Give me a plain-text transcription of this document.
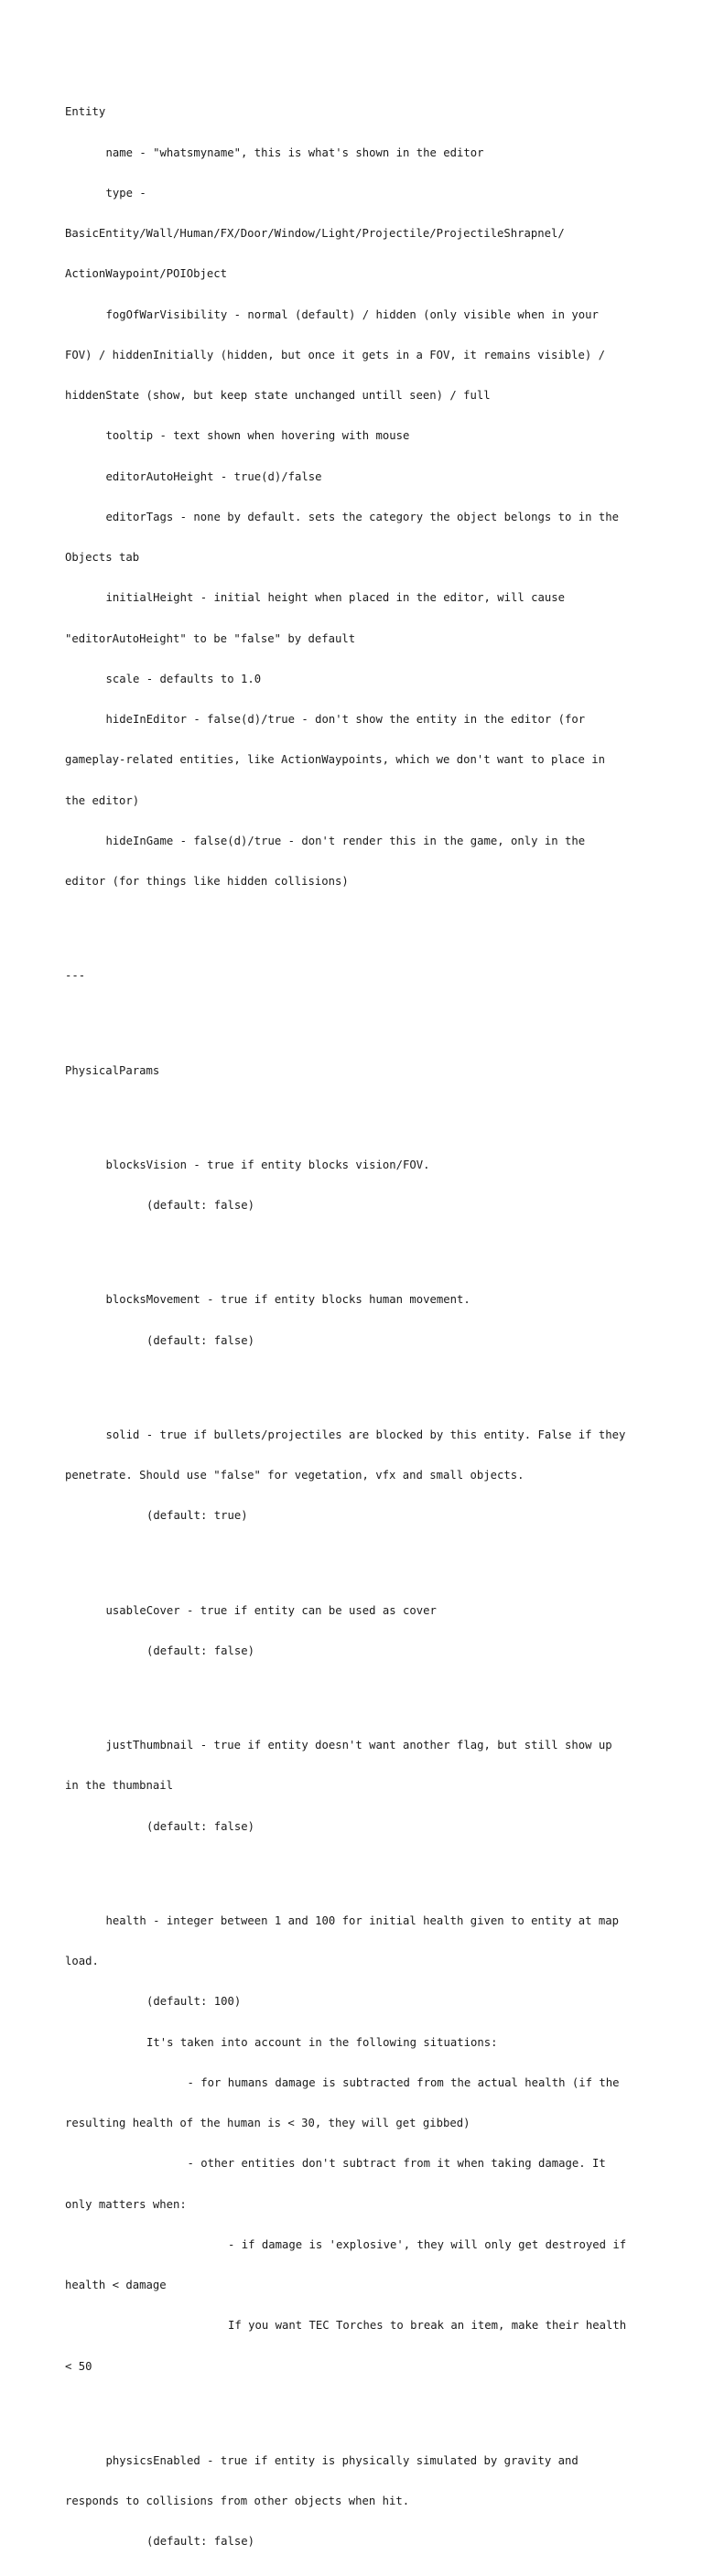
Entity

name - "whatsmyname", this is what's shown in the editor

type -

BasicEntity/Wall/Human/FX/Door/Window/Light/Projectile/ProjectileShrapnel/

ActionWaypoint/POIObject

fogOfWarVisibility - normal (default) / hidden (only visible when in your

FOV) / hiddenInitially (hidden, but once it gets in a FOV, it remains visible) /

hiddenState (show, but keep state unchanged untill seen) / full

tooltip - text shown when hovering with mouse

editorAutoHeight - true(d)/false

editorTags - none by default. sets the category the object belongs to in the

Objects tab

initialHeight - initial height when placed in the editor, will cause

"editorAutoHeight" to be "false" by default

scale - defaults to 1.0

hideInEditor - false(d)/true - don't show the entity in the editor (for

gameplay-related entities, like ActionWaypoints, which we don't want to place in

the editor)

hideInGame - false(d)/true - don't render this in the game, only in the

editor (for things like hidden collisions)

---

PhysicalParams

blocksVision - true if entity blocks vision/FOV.

(default: false)

blocksMovement - true if entity blocks human movement.

(default: false)

solid - true if bullets/projectiles are blocked by this entity. False if they

penetrate. Should use "false" for vegetation, vfx and small objects.

(default: true)

usableCover - true if entity can be used as cover

(default: false)

justThumbnail - true if entity doesn't want another flag, but still show up

in the thumbnail

(default: false)

health - integer between 1 and 100 for initial health given to entity at map

load.

(default: 100)

It's taken into account in the following situations:

- for humans damage is subtracted from the actual health (if the

resulting health of the human is < 30, they will get gibbed)

- other entities don't subtract from it when taking damage. It

only matters when:

- if damage is 'explosive', they will only get destroyed if

health < damage

If you want TEC Torches to break an item, make their health

< 50

physicsEnabled - true if entity is physically simulated by gravity and

responds to collisions from other objects when hit.

(default: false)
